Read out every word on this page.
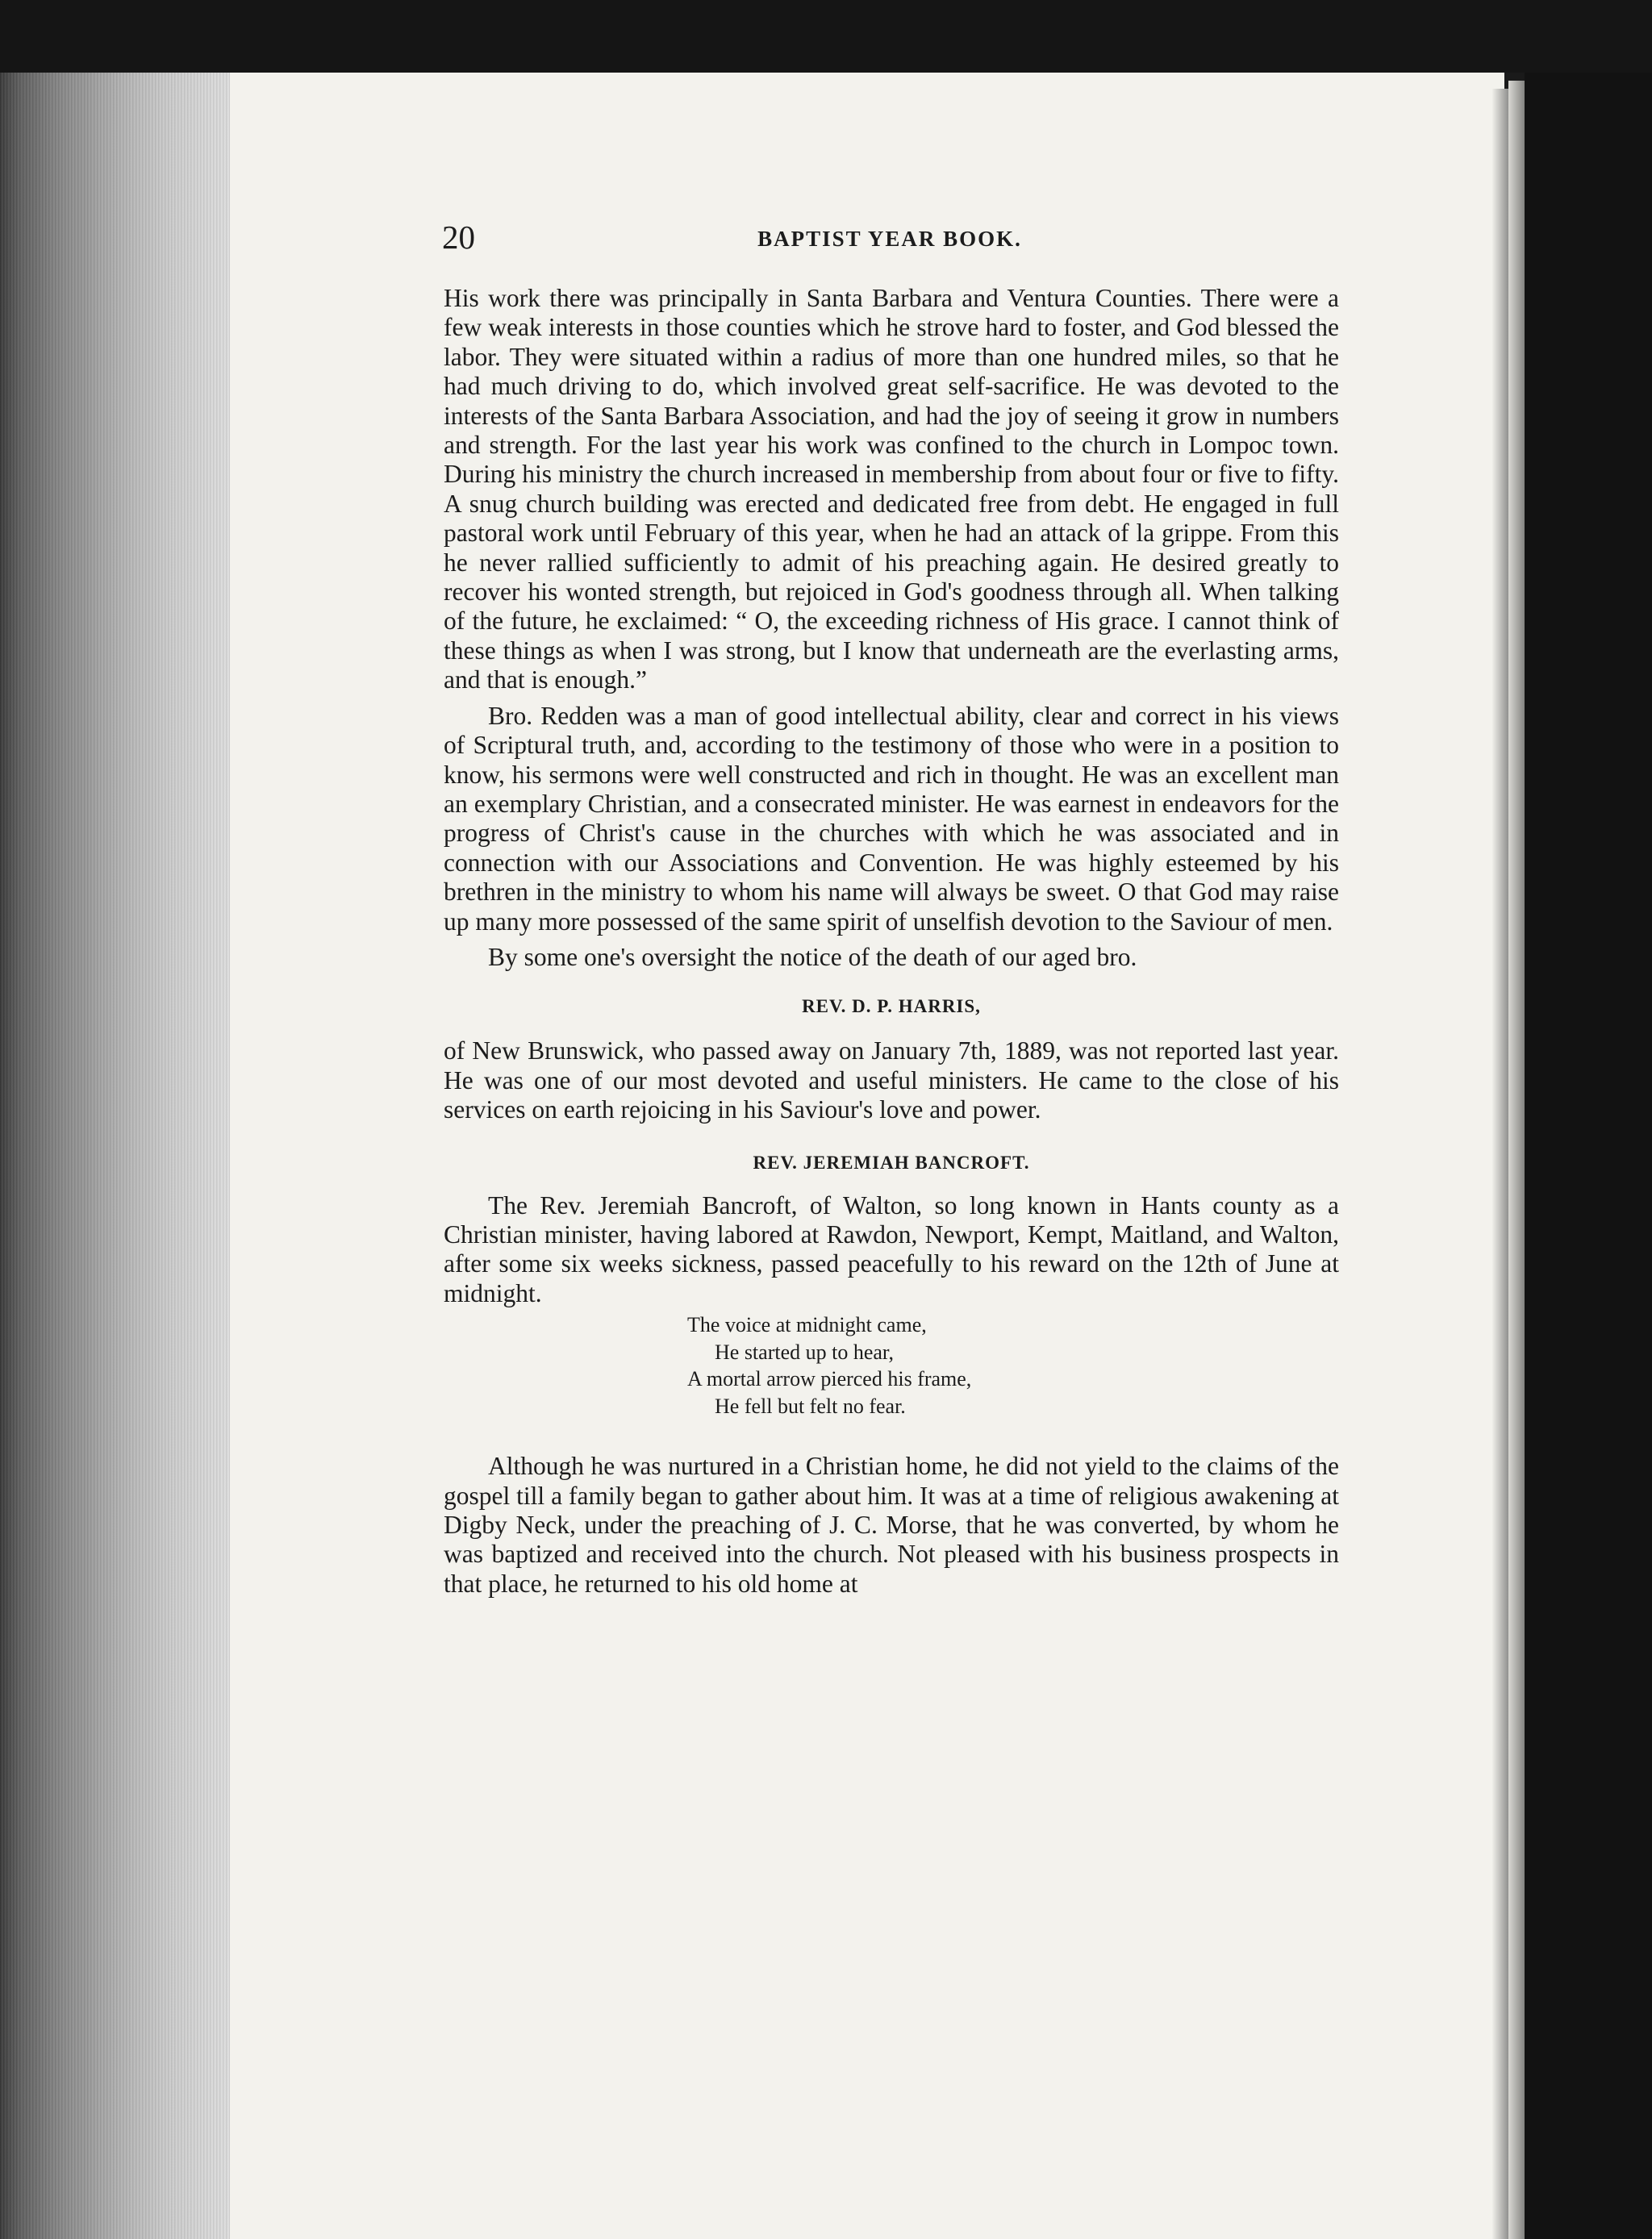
20	BAPTIST YEAR BOOK.

His work there was principally in Santa Barbara and Ventura Counties. There were a few weak interests in those counties which he strove hard to foster, and God blessed the labor. They were situated within a radius of more than one hundred miles, so that he had much driving to do, which involved great self-sacrifice. He was devoted to the interests of the Santa Barbara Association, and had the joy of seeing it grow in numbers and strength. For the last year his work was confined to the church in Lompoc town. During his ministry the church increased in membership from about four or five to fifty. A snug church building was erected and dedicated free from debt. He engaged in full pastoral work until February of this year, when he had an attack of la grippe. From this he never rallied sufficiently to admit of his preaching again. He desired greatly to recover his wonted strength, but rejoiced in God's goodness through all. When talking of the future, he exclaimed: “ O, the exceeding richness of His grace. I cannot think of these things as when I was strong, but I know that underneath are the everlasting arms, and that is enough.”

Bro. Redden was a man of good intellectual ability, clear and correct in his views of Scriptural truth, and, according to the testimony of those who were in a position to know, his sermons were well constructed and rich in thought. He was an excellent man an exemplary Christian, and a consecrated minister. He was earnest in endeavors for the progress of Christ's cause in the churches with which he was associated and in connection with our Associations and Convention. He was highly esteemed by his brethren in the ministry to whom his name will always be sweet. O that God may raise up many more possessed of the same spirit of unselfish devotion to the Saviour of men.

By some one's oversight the notice of the death of our aged bro.

REV. D. P. HARRIS,

of New Brunswick, who passed away on January 7th, 1889, was not reported last year. He was one of our most devoted and useful ministers. He came to the close of his services on earth rejoicing in his Saviour's love and power.

REV. JEREMIAH BANCROFT.

The Rev. Jeremiah Bancroft, of Walton, so long known in Hants county as a Christian minister, having labored at Rawdon, Newport, Kempt, Maitland, and Walton, after some six weeks sickness, passed peacefully to his reward on the 12th of June at midnight.

The voice at midnight came,
He started up to hear,
A mortal arrow pierced his frame,
He fell but felt no fear.

Although he was nurtured in a Christian home, he did not yield to the claims of the gospel till a family began to gather about him. It was at a time of religious awakening at Digby Neck, under the preaching of J. C. Morse, that he was converted, by whom he was baptized and received into the church. Not pleased with his business prospects in that place, he returned to his old home at
